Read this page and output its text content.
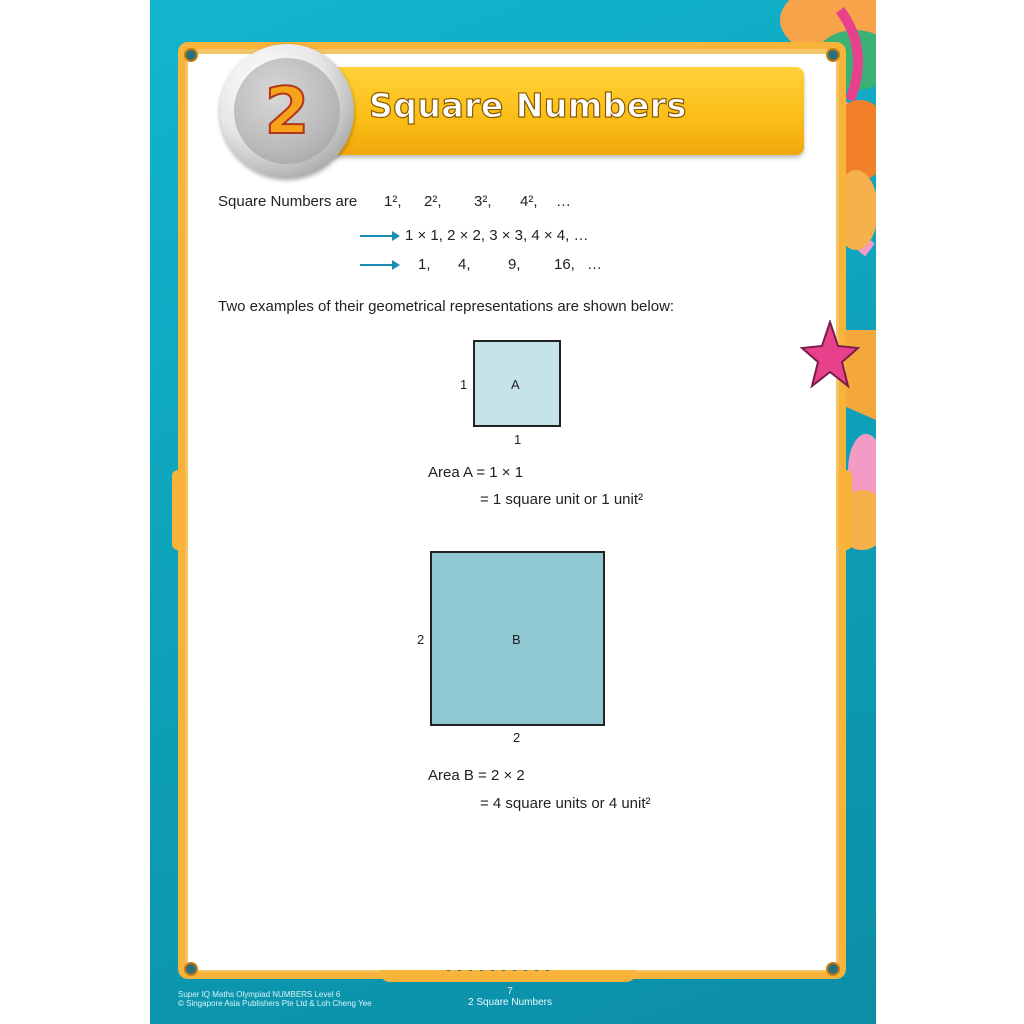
Square Numbers
2
Square Numbers are 1², 2², 3², 4², …
1 × 1, 2 × 2, 3 × 3, 4 × 4, …
1, 4, 9, 16, …
Two examples of their geometrical representations are shown below:
A
1
1
Area A = 1 × 1
= 1 square unit or 1 unit²
B
2
2
Area B = 2 × 2
= 4 square units or 4 unit²
Super IQ Maths Olympiad NUMBERS Level 6
© Singapore Asia Publishers Pte Ltd & Loh Cheng Yee
7
2 Square Numbers
